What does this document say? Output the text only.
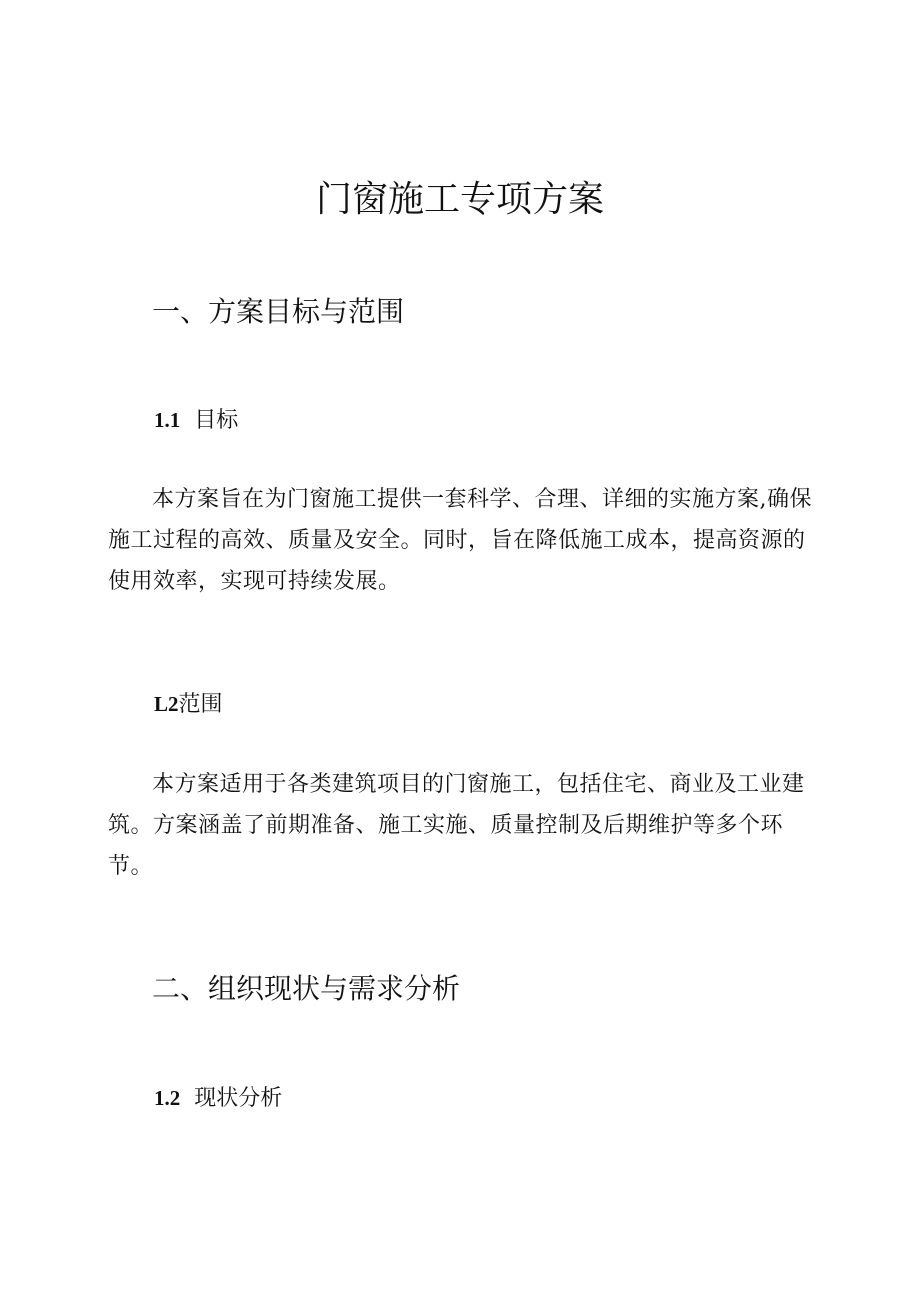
门窗施工专项方案
一、方案目标与范围
1.1 目标

本方案旨在为门窗施工提供一套科学、合理、详细的实施方案,确保施工过程的高效、质量及安全。同时，旨在降低施工成本，提高资源的使用效率，实现可持续发展。

L2范围

本方案适用于各类建筑项目的门窗施工，包括住宅、商业及工业建筑。方案涵盖了前期准备、施工实施、质量控制及后期维护等多个环节。

二、组织现状与需求分析
1.2 现状分析
